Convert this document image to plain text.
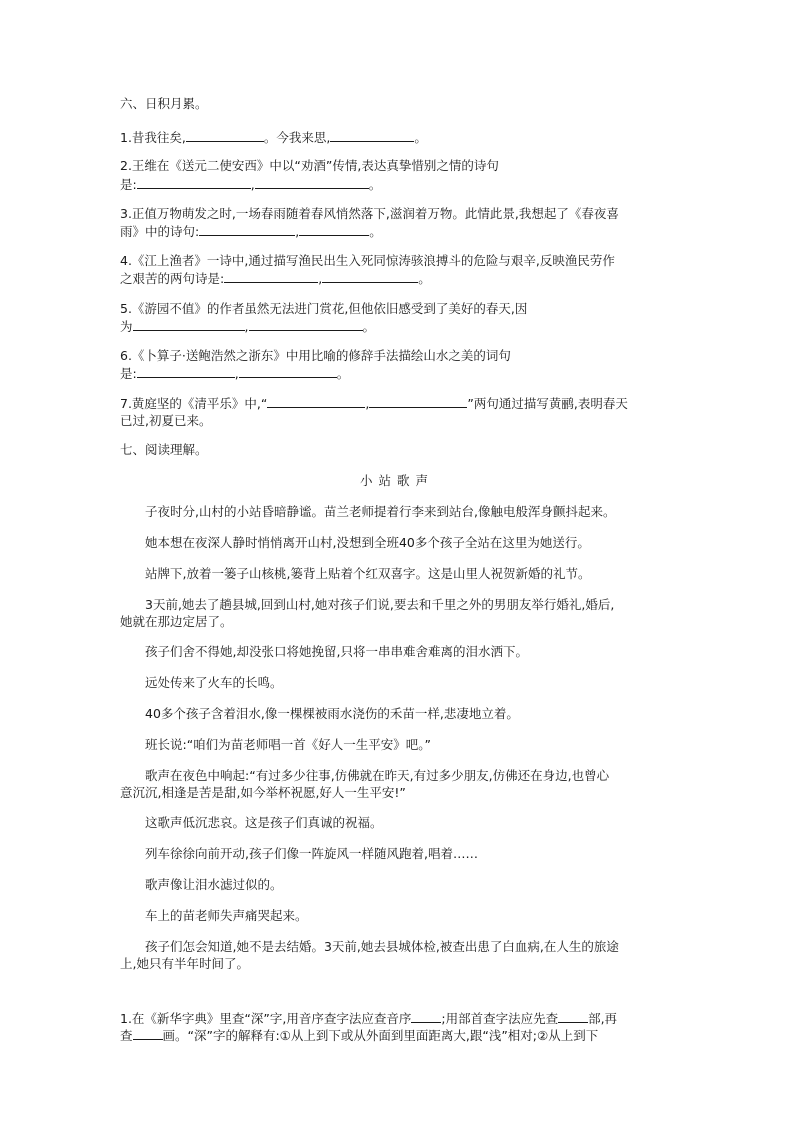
六、日积月累。
1.昔我往矣,	。今我来思,	。
2.王维在《送元二使安西》中以“劝酒”传情,表达真挚惜别之情的诗句
是:	,	。
3.正值万物萌发之时,一场春雨随着春风悄然落下,滋润着万物。此情此景,我想起了《春夜喜
雨》中的诗句:	,	。
4.《江上渔者》一诗中,通过描写渔民出生入死同惊涛骇浪搏斗的危险与艰辛,反映渔民劳作
之艰苦的两句诗是:	,	。
5.《游园不值》的作者虽然无法进门赏花,但他依旧感受到了美好的春天,因
为	,	。
6.《卜算子·送鲍浩然之浙东》中用比喻的修辞手法描绘山水之美的词句
是:	,	。
7.黄庭坚的《清平乐》中,“	,	”两句通过描写黄鹂,表明春天
已过,初夏已来。
七、阅读理解。
小站歌声
子夜时分,山村的小站昏暗静谧。苗兰老师提着行李来到站台,像触电般浑身颤抖起来。
她本想在夜深人静时悄悄离开山村,没想到全班40多个孩子全站在这里为她送行。
站牌下,放着一篓子山核桃,篓背上贴着个红双喜字。这是山里人祝贺新婚的礼节。
3天前,她去了趟县城,回到山村,她对孩子们说,要去和千里之外的男朋友举行婚礼,婚后,
她就在那边定居了。
孩子们舍不得她,却没张口将她挽留,只将一串串难舍难离的泪水洒下。
远处传来了火车的长鸣。
40多个孩子含着泪水,像一棵棵被雨水浇伤的禾苗一样,悲凄地立着。
班长说:“咱们为苗老师唱一首《好人一生平安》吧。”
歌声在夜色中响起:“有过多少往事,仿佛就在昨天,有过多少朋友,仿佛还在身边,也曾心
意沉沉,相逢是苦是甜,如今举杯祝愿,好人一生平安!”
这歌声低沉悲哀。这是孩子们真诚的祝福。
列车徐徐向前开动,孩子们像一阵旋风一样随风跑着,唱着……
歌声像让泪水滤过似的。
车上的苗老师失声痛哭起来。
孩子们怎会知道,她不是去结婚。3天前,她去县城体检,被查出患了白血病,在人生的旅途
上,她只有半年时间了。
1.在《新华字典》里查“深”字,用音序查字法应查音序 ;用部首查字法应先查 部,再
查 画。“深”字的解释有:①从上到下或从外面到里面距离大,跟“浅”相对;②从上到下
